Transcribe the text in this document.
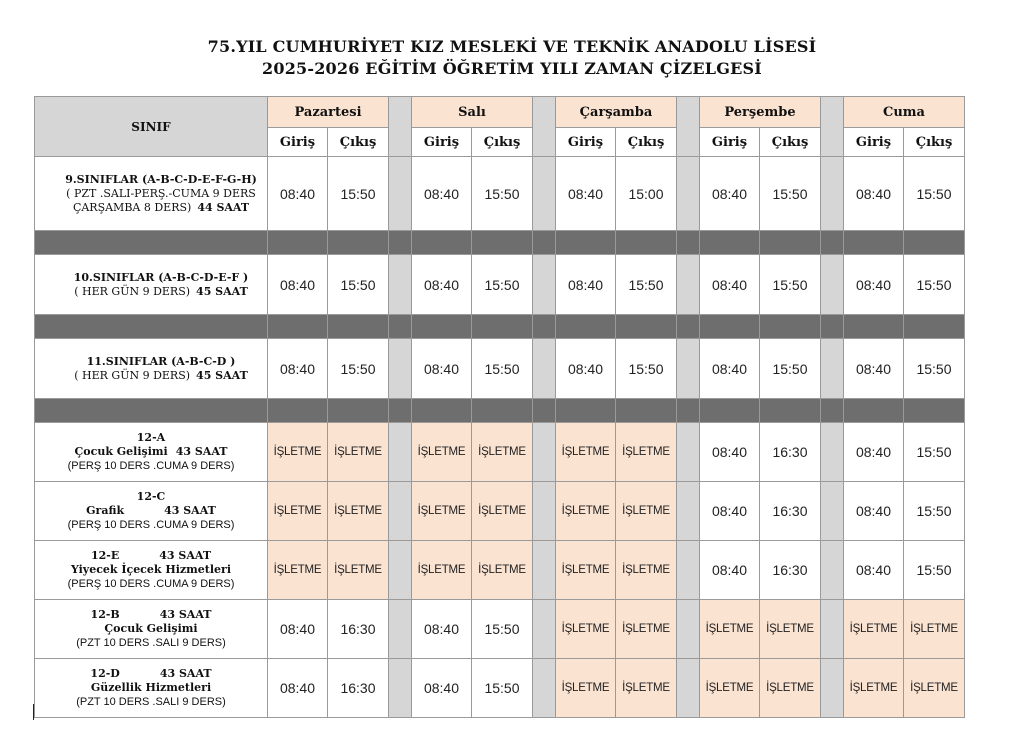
75.YIL CUMHURİYET KIZ MESLEKİ VE TEKNİK ANADOLU LİSESİ
2025-2026 EĞİTİM ÖĞRETİM YILI ZAMAN ÇİZELGESİ
SINIF	Pazartesi			Salı			Çarşamba			Perşembe			Cuma	
	Giriş	Çıkış		Giriş	Çıkış		Giriş	Çıkış		Giriş	Çıkış		Giriş	Çıkış

9.SINIFLAR (A-B-C-D-E-F-G-H)
( PZT .SALI-PERŞ.-CUMA 9 DERS
ÇARŞAMBA 8 DERS) 44 SAAT	08:40	15:50		08:40	15:50		08:40	15:00		08:40	15:50		08:40	15:50

10.SINIFLAR (A-B-C-D-E-F )
( HER GÜN 9 DERS) 45 SAAT	08:40	15:50		08:40	15:50		08:40	15:50		08:40	15:50		08:40	15:50

11.SINIFLAR (A-B-C-D )
( HER GÜN 9 DERS) 45 SAAT	08:40	15:50		08:40	15:50		08:40	15:50		08:40	15:50		08:40	15:50

12-A
Çocuk Gelişimi 43 SAAT
(PERŞ 10 DERS .CUMA 9 DERS)	İŞLETME	İŞLETME		İŞLETME	İŞLETME		İŞLETME	İŞLETME		08:40	16:30		08:40	15:50

12-C
Grafik 43 SAAT
(PERŞ 10 DERS .CUMA 9 DERS)	İŞLETME	İŞLETME		İŞLETME	İŞLETME		İŞLETME	İŞLETME		08:40	16:30		08:40	15:50

12-E 43 SAAT
Yiyecek İçecek Hizmetleri
(PERŞ 10 DERS .CUMA 9 DERS)	İŞLETME	İŞLETME		İŞLETME	İŞLETME		İŞLETME	İŞLETME		08:40	16:30		08:40	15:50

12-B 43 SAAT
Çocuk Gelişimi
(PZT 10 DERS .SALI 9 DERS)	08:40	16:30		08:40	15:50		İŞLETME	İŞLETME		İŞLETME	İŞLETME		İŞLETME	İŞLETME

12-D 43 SAAT
Güzellik Hizmetleri
(PZT 10 DERS .SALI 9 DERS)	08:40	16:30		08:40	15:50		İŞLETME	İŞLETME		İŞLETME	İŞLETME		İŞLETME	İŞLETME
